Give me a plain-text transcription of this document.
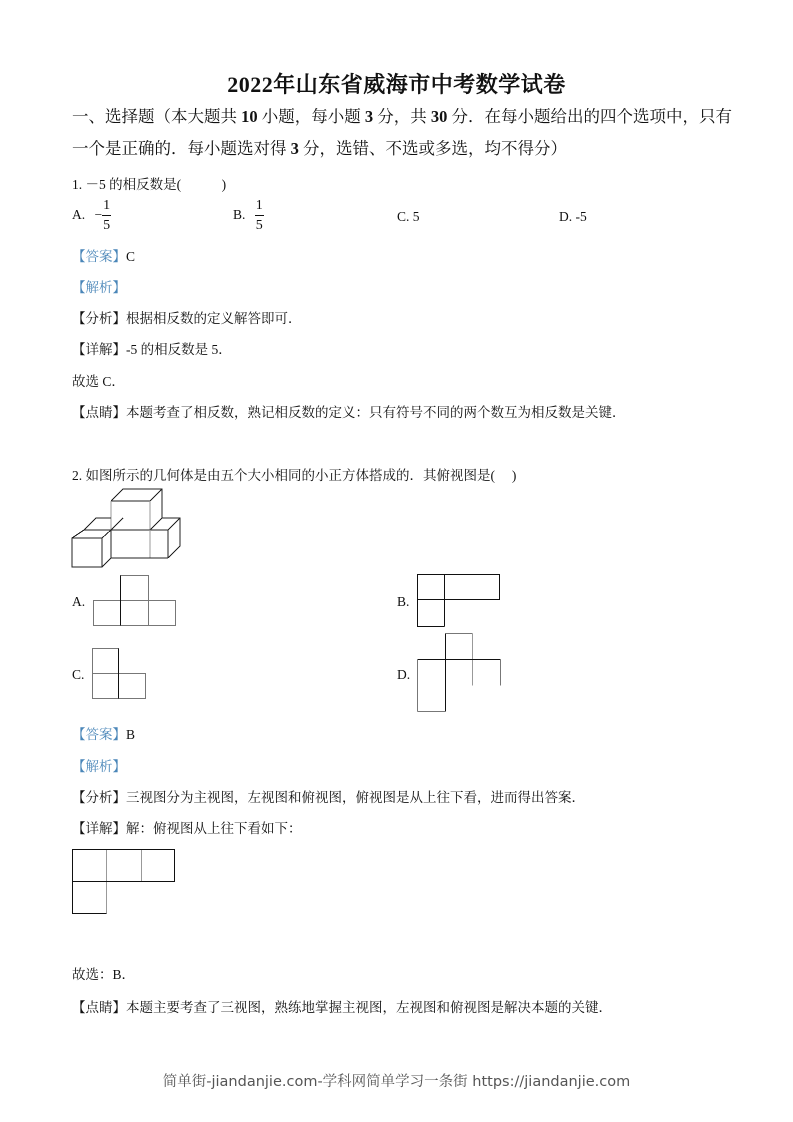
2022年山东省威海市中考数学试卷
一、选择题（本大题共 10 小题，每小题 3 分，共 30 分．在每小题给出的四个选项中，只有
一个是正确的．每小题选对得 3 分，选错、不选或多选，均不得分）
1. －5 的相反数是(　　　)
A. − $\frac{1}{5}$	B. $\frac{1}{5}$	C. 5	D. -5
【答案】C
【解析】
【分析】根据相反数的定义解答即可．
【详解】-5 的相反数是 5．
故选 C．
【点睛】本题考查了相反数，熟记相反数的定义：只有符号不同的两个数互为相反数是关键．
2. 如图所示的几何体是由五个大小相同的小正方体搭成的．其俯视图是(　 )
A.	B.
C.	D.
【答案】B
【解析】
【分析】三视图分为主视图，左视图和俯视图，俯视图是从上往下看，进而得出答案．
【详解】解：俯视图从上往下看如下：
故选：B．
【点睛】本题主要考查了三视图，熟练地掌握主视图，左视图和俯视图是解决本题的关键．
简单街-jiandanjie.com-学科网简单学习一条街 https://jiandanjie.com
